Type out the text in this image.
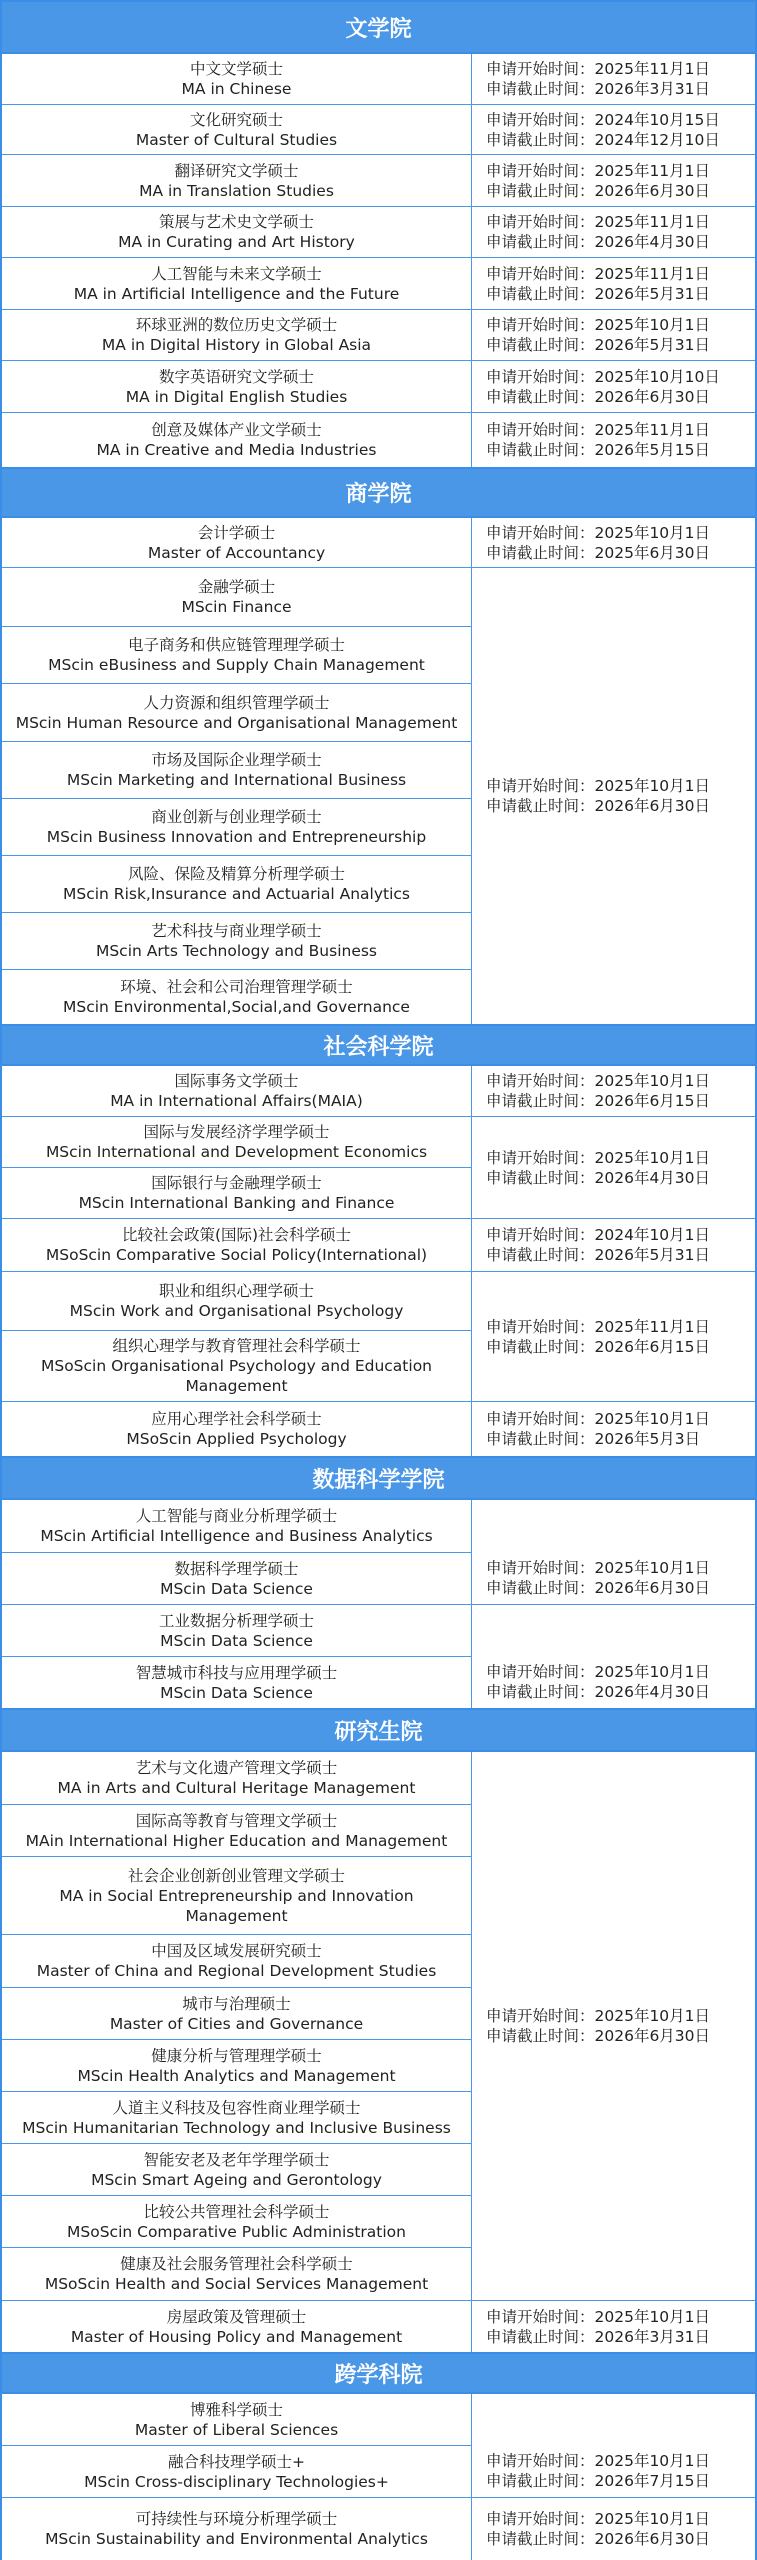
文学院
中文文学硕士
MA in Chinese
文化研究硕士
Master of Cultural Studies
翻译研究文学硕士
MA in Translation Studies
策展与艺术史文学硕士
MA in Curating and Art History
人工智能与未来文学硕士
MA in Artificial Intelligence and the Future
环球亚洲的数位历史文学硕士
MA in Digital History in Global Asia
数字英语研究文学硕士
MA in Digital English Studies
创意及媒体产业文学硕士
MA in Creative and Media Industries
申请开始时间：2025年11月1日
申请截止时间：2026年3月31日
申请开始时间：2024年10月15日
申请截止时间：2024年12月10日
申请开始时间：2025年11月1日
申请截止时间：2026年6月30日
申请开始时间：2025年11月1日
申请截止时间：2026年4月30日
申请开始时间：2025年11月1日
申请截止时间：2026年5月31日
申请开始时间：2025年10月1日
申请截止时间：2026年5月31日
申请开始时间：2025年10月10日
申请截止时间：2026年6月30日
申请开始时间：2025年11月1日
申请截止时间：2026年5月15日
商学院
会计学硕士
Master of Accountancy
金融学硕士
MScin Finance
电子商务和供应链管理理学硕士
MScin eBusiness and Supply Chain Management
人力资源和组织管理学硕士
MScin Human Resource and Organisational Management
市场及国际企业理学硕士
MScin Marketing and International Business
商业创新与创业理学硕士
MScin Business Innovation and Entrepreneurship
风险、保险及精算分析理学硕士
MScin Risk,Insurance and Actuarial Analytics
艺术科技与商业理学硕士
MScin Arts Technology and Business
环境、社会和公司治理管理学硕士
MScin Environmental,Social,and Governance
申请开始时间：2025年10月1日
申请截止时间：2025年6月30日
申请开始时间：2025年10月1日
申请截止时间：2026年6月30日
社会科学院
国际事务文学硕士
MA in International Affairs(MAIA)
国际与发展经济学理学硕士
MScin International and Development Economics
国际银行与金融理学硕士
MScin International Banking and Finance
比较社会政策(国际)社会科学硕士
MSoScin Comparative Social Policy(International)
职业和组织心理学硕士
MScin Work and Organisational Psychology
组织心理学与教育管理社会科学硕士
MSoScin Organisational Psychology and Education Management
应用心理学社会科学硕士
MSoScin Applied Psychology
申请开始时间：2025年10月1日
申请截止时间：2026年6月15日
申请开始时间：2025年10月1日
申请截止时间：2026年4月30日
申请开始时间：2024年10月1日
申请截止时间：2026年5月31日
申请开始时间：2025年11月1日
申请截止时间：2026年6月15日
申请开始时间：2025年10月1日
申请截止时间：2026年5月3日
数据科学学院
人工智能与商业分析理学硕士
MScin Artificial Intelligence and Business Analytics
数据科学理学硕士
MScin Data Science
工业数据分析理学硕士
MScin Data Science
智慧城市科技与应用理学硕士
MScin Data Science
申请开始时间：2025年10月1日
申请截止时间：2026年6月30日
申请开始时间：2025年10月1日
申请截止时间：2026年4月30日
研究生院
艺术与文化遗产管理文学硕士
MA in Arts and Cultural Heritage Management
国际高等教育与管理文学硕士
MAin International Higher Education and Management
社会企业创新创业管理文学硕士
MA in Social Entrepreneurship and Innovation Management
中国及区域发展研究硕士
Master of China and Regional Development Studies
城市与治理硕士
Master of Cities and Governance
健康分析与管理理学硕士
MScin Health Analytics and Management
人道主义科技及包容性商业理学硕士
MScin Humanitarian Technology and Inclusive Business
智能安老及老年学理学硕士
MScin Smart Ageing and Gerontology
比较公共管理社会科学硕士
MSoScin Comparative Public Administration
健康及社会服务管理社会科学硕士
MSoScin Health and Social Services Management
房屋政策及管理硕士
Master of Housing Policy and Management
申请开始时间：2025年10月1日
申请截止时间：2026年6月30日
申请开始时间：2025年10月1日
申请截止时间：2026年3月31日
跨学科院
博雅科学硕士
Master of Liberal Sciences
融合科技理学硕士+
MScin Cross-disciplinary Technologies+
可持续性与环境分析理学硕士
MScin Sustainability and Environmental Analytics
申请开始时间：2025年10月1日
申请截止时间：2026年7月15日
申请开始时间：2025年10月1日
申请截止时间：2026年6月30日
